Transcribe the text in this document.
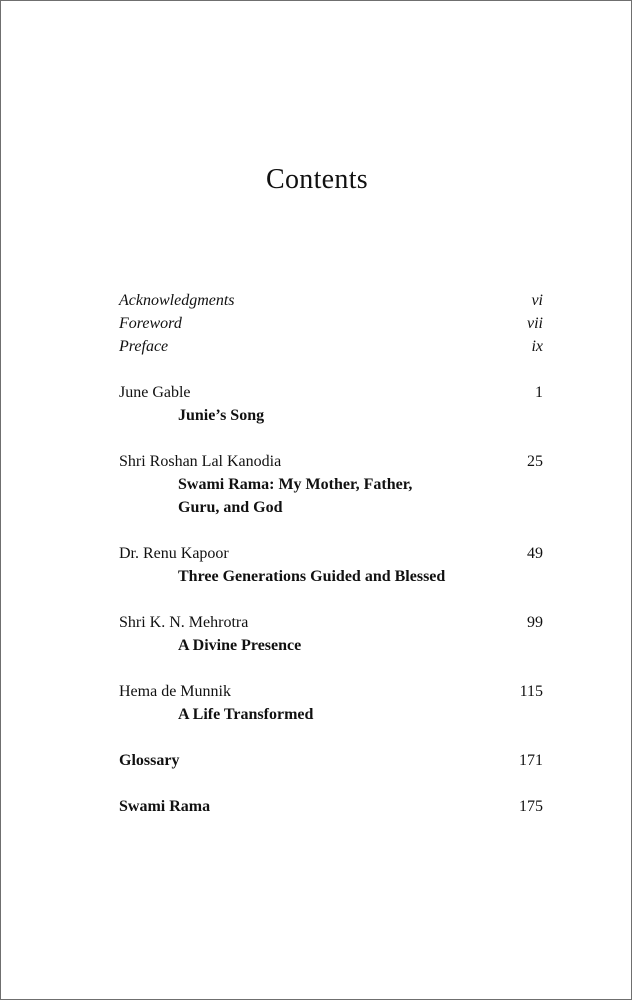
Contents
Acknowledgments	vi
Foreword	vii
Preface	ix
June Gable	1
Junie’s Song
Shri Roshan Lal Kanodia	25
Swami Rama: My Mother, Father,
Guru, and God
Dr. Renu Kapoor	49
Three Generations Guided and Blessed
Shri K. N. Mehrotra	99
A Divine Presence
Hema de Munnik	115
A Life Transformed
Glossary	171
Swami Rama	175
